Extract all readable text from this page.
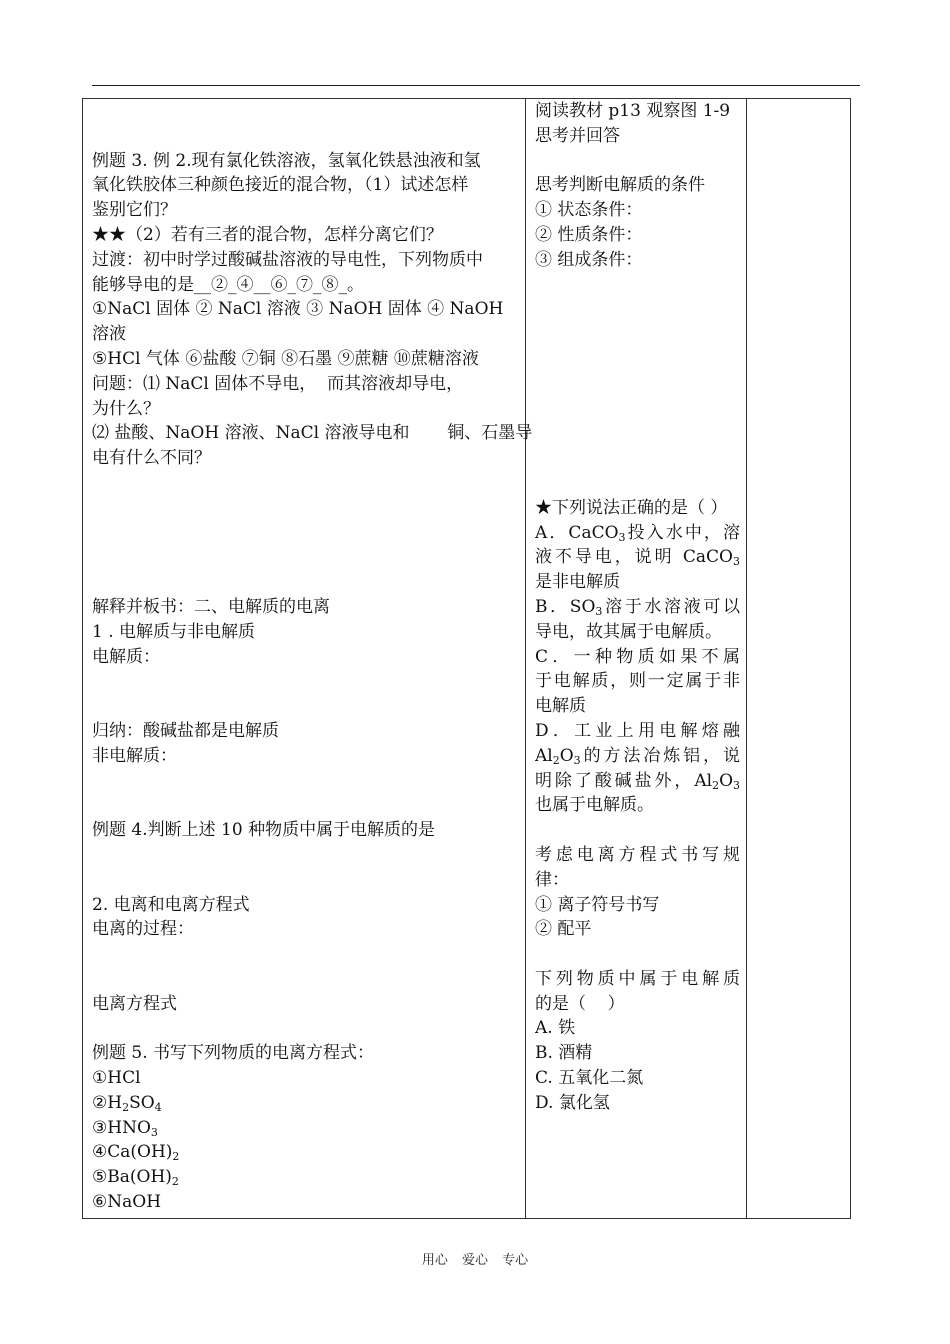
例题 3. 例 2.现有氯化铁溶液，氢氧化铁悬浊液和氢
氧化铁胶体三种颜色接近的混合物，（1）试述怎样
鉴别它们？
★★（2）若有三者的混合物，怎样分离它们？
过渡：初中时学过酸碱盐溶液的导电性，下列物质中
能够导电的是__②_④__⑥_⑦_⑧_。
①NaCl 固体 ② NaCl 溶液 ③ NaOH 固体 ④ NaOH
溶液
⑤HCl 气体 ⑥盐酸 ⑦铜 ⑧石墨 ⑨蔗糖 ⑩蔗糖溶液
问题：⑴ NaCl 固体不导电，  而其溶液却导电，
为什么？
⑵ 盐酸、NaOH 溶液、NaCl 溶液导电和       铜、石墨导
电有什么不同？
解释并板书：二、电解质的电离
1 . 电解质与非电解质
电解质：
归纳：酸碱盐都是电解质
非电解质：
例题 4.判断上述 10 种物质中属于电解质的是
2. 电离和电离方程式
电离的过程：
电离方程式
例题 5. 书写下列物质的电离方程式：
①HCl
$②H_2SO_4$
$③HNO_3$
$④Ca(OH)_2$
$⑤Ba(OH)_2$
⑥NaOH
阅读教材 p13 观察图 1-9
思考并回答
思考判断电解质的条件
① 状态条件：
② 性质条件：
③ 组成条件：
★下列说法正确的是（ ）
A．CaCO$_3$投入水中，溶
液不导电，说明 CaCO$_3$
是非电解质
B．$SO_3$溶于水溶液可以
导电，故其属于电解质。
C．一种物质如果不属
于电解质，则一定属于非
电解质
D．工业上用电解熔融
$Al_2O_3$的方法冶炼铝，说
明除了酸碱盐外，$Al_2O_3$
也属于电解质。
考虑电离方程式书写规
律：
① 离子符号书写
② 配平
下列物质中属于电解质
的是（    ）
A. 铁
B. 酒精
C. 五氧化二氮
D. 氯化氢
用心 爱心 专心
